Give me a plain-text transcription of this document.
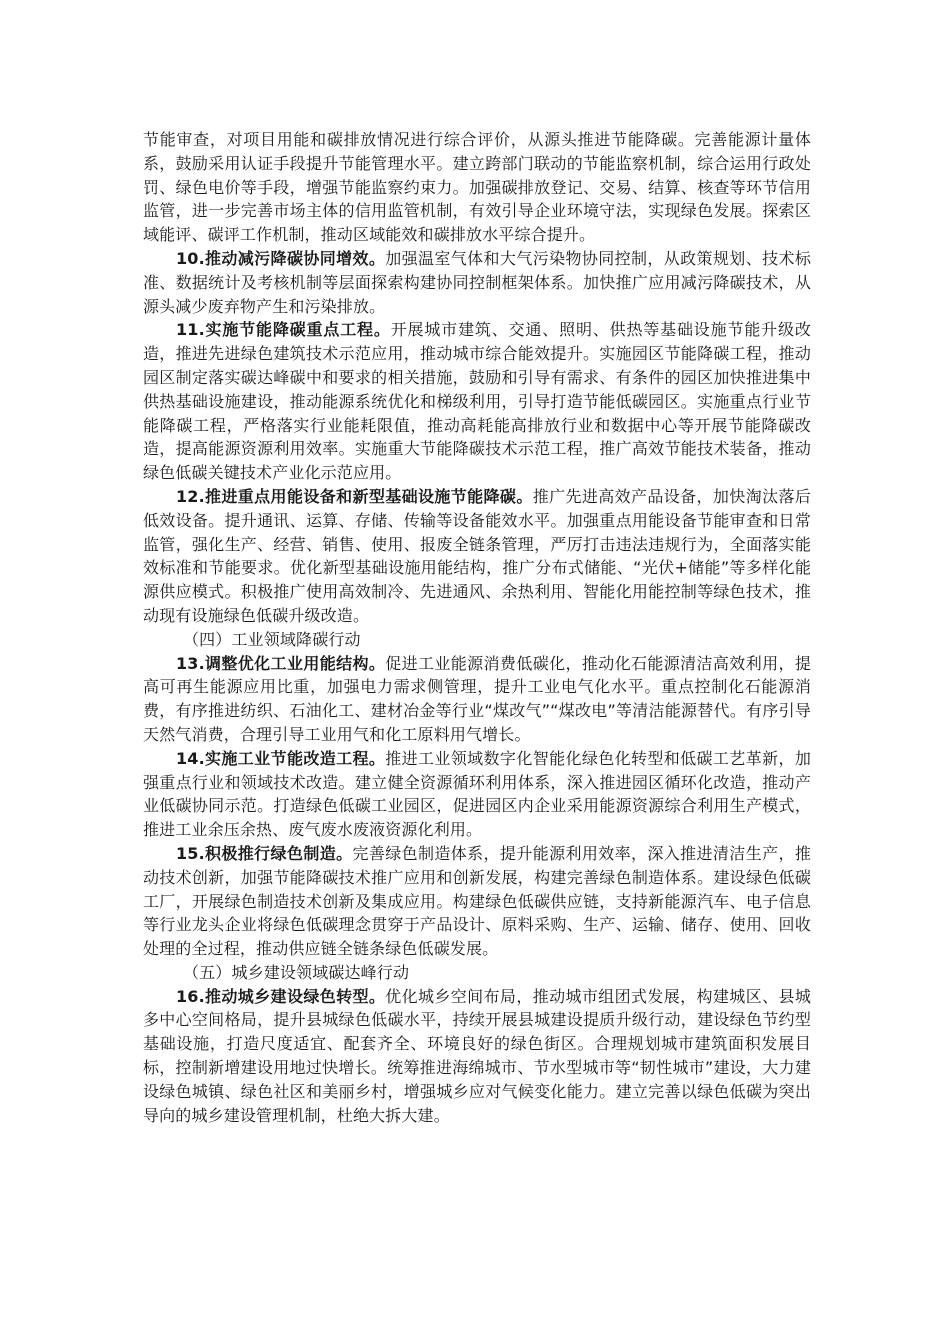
节能审查，对项目用能和碳排放情况进行综合评价，从源头推进节能降碳。完善能源计量体系，鼓励采用认证手段提升节能管理水平。建立跨部门联动的节能监察机制，综合运用行政处罚、绿色电价等手段，增强节能监察约束力。加强碳排放登记、交易、结算、核查等环节信用监管，进一步完善市场主体的信用监管机制，有效引导企业环境守法，实现绿色发展。探索区域能评、碳评工作机制，推动区域能效和碳排放水平综合提升。

10.推动减污降碳协同增效。加强温室气体和大气污染物协同控制，从政策规划、技术标准、数据统计及考核机制等层面探索构建协同控制框架体系。加快推广应用减污降碳技术，从源头减少废弃物产生和污染排放。

11.实施节能降碳重点工程。开展城市建筑、交通、照明、供热等基础设施节能升级改造，推进先进绿色建筑技术示范应用，推动城市综合能效提升。实施园区节能降碳工程，推动园区制定落实碳达峰碳中和要求的相关措施，鼓励和引导有需求、有条件的园区加快推进集中供热基础设施建设，推动能源系统优化和梯级利用，引导打造节能低碳园区。实施重点行业节能降碳工程，严格落实行业能耗限值，推动高耗能高排放行业和数据中心等开展节能降碳改造，提高能源资源利用效率。实施重大节能降碳技术示范工程，推广高效节能技术装备，推动绿色低碳关键技术产业化示范应用。

12.推进重点用能设备和新型基础设施节能降碳。推广先进高效产品设备，加快淘汰落后低效设备。提升通讯、运算、存储、传输等设备能效水平。加强重点用能设备节能审查和日常监管，强化生产、经营、销售、使用、报废全链条管理，严厉打击违法违规行为，全面落实能效标准和节能要求。优化新型基础设施用能结构，推广分布式储能、“光伏+储能”等多样化能源供应模式。积极推广使用高效制冷、先进通风、余热利用、智能化用能控制等绿色技术，推动现有设施绿色低碳升级改造。

（四）工业领域降碳行动

13.调整优化工业用能结构。促进工业能源消费低碳化，推动化石能源清洁高效利用，提高可再生能源应用比重，加强电力需求侧管理，提升工业电气化水平。重点控制化石能源消费，有序推进纺织、石油化工、建材冶金等行业“煤改气”“煤改电”等清洁能源替代。有序引导天然气消费，合理引导工业用气和化工原料用气增长。

14.实施工业节能改造工程。推进工业领域数字化智能化绿色化转型和低碳工艺革新，加强重点行业和领域技术改造。建立健全资源循环利用体系，深入推进园区循环化改造，推动产业低碳协同示范。打造绿色低碳工业园区，促进园区内企业采用能源资源综合利用生产模式，推进工业余压余热、废气废水废液资源化利用。

15.积极推行绿色制造。完善绿色制造体系，提升能源利用效率，深入推进清洁生产，推动技术创新，加强节能降碳技术推广应用和创新发展，构建完善绿色制造体系。建设绿色低碳工厂，开展绿色制造技术创新及集成应用。构建绿色低碳供应链，支持新能源汽车、电子信息等行业龙头企业将绿色低碳理念贯穿于产品设计、原料采购、生产、运输、储存、使用、回收处理的全过程，推动供应链全链条绿色低碳发展。

（五）城乡建设领域碳达峰行动

16.推动城乡建设绿色转型。优化城乡空间布局，推动城市组团式发展，构建城区、县城多中心空间格局，提升县城绿色低碳水平，持续开展县城建设提质升级行动，建设绿色节约型基础设施，打造尺度适宜、配套齐全、环境良好的绿色街区。合理规划城市建筑面积发展目标，控制新增建设用地过快增长。统筹推进海绵城市、节水型城市等“韧性城市”建设，大力建设绿色城镇、绿色社区和美丽乡村，增强城乡应对气候变化能力。建立完善以绿色低碳为突出导向的城乡建设管理机制，杜绝大拆大建。
